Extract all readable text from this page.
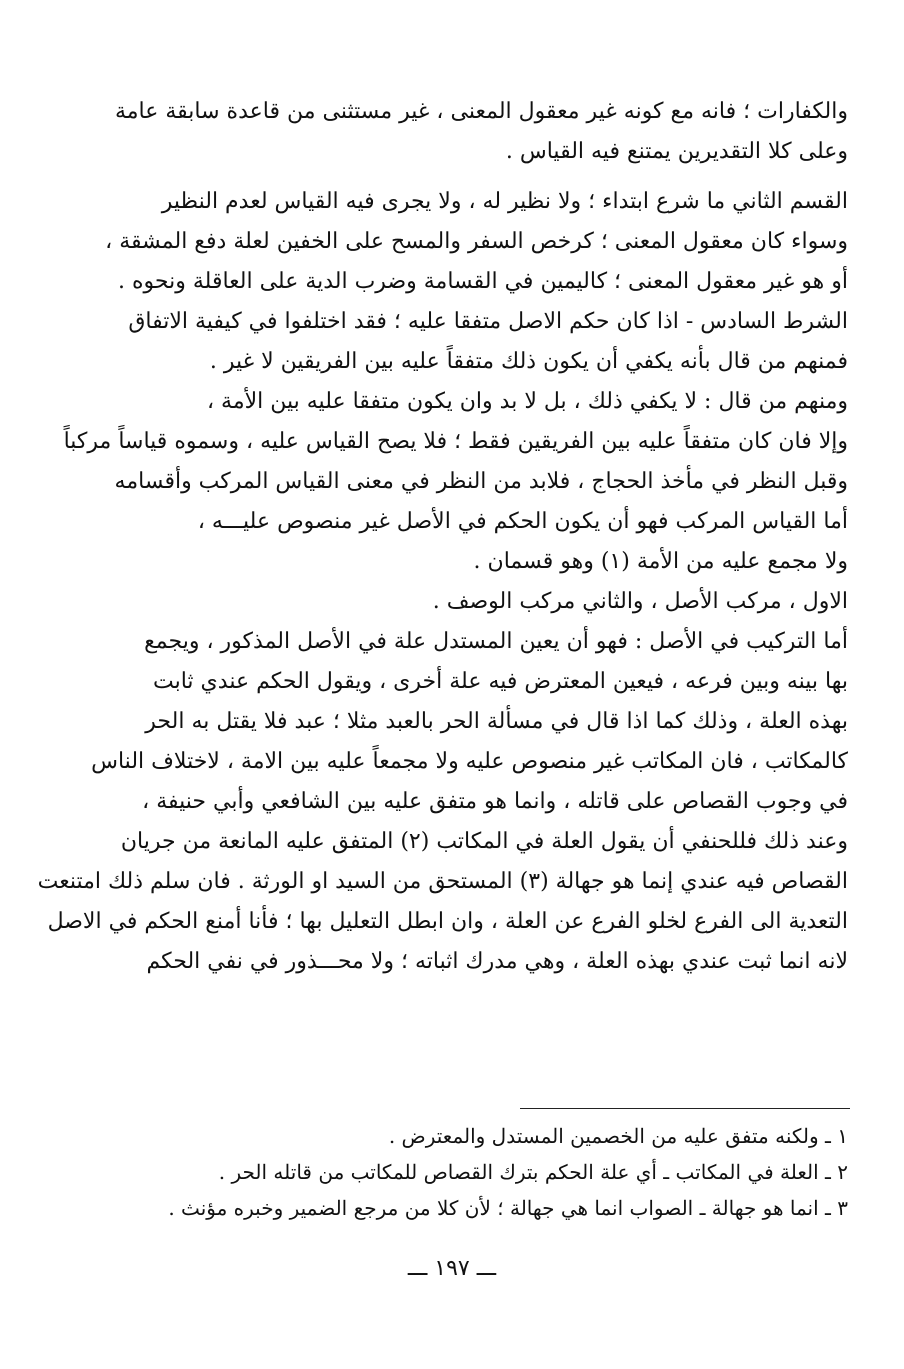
والكفارات ؛ فانه مع كونه غير معقول المعنى ، غير مستثنى من قاعدة سابقة عامة
وعلى كلا التقديرين يمتنع فيه القياس .
القسم الثاني ما شرع ابتداء ؛ ولا نظير له ، ولا يجرى فيه القياس لعدم النظير
وسواء كان معقول المعنى ؛ كرخص السفر والمسح على الخفين لعلة دفع المشقة ،
أو هو غير معقول المعنى ؛ كاليمين في القسامة وضرب الدية على العاقلة ونحوه .
الشرط السادس - اذا كان حكم الاصل متفقا عليه ؛ فقد اختلفوا في كيفية الاتفاق
فمنهم من قال بأنه يكفي أن يكون ذلك متفقاً عليه بين الفريقين لا غير .
ومنهم من قال : لا يكفي ذلك ، بل لا بد وان يكون متفقا عليه بين الأمة ،
وإلا فان كان متفقاً عليه بين الفريقين فقط ؛ فلا يصح القياس عليه ، وسموه قياساً مركباً
وقبل النظر في مأخذ الحجاج ، فلابد من النظر في معنى القياس المركب وأقسامه
أما القياس المركب فهو أن يكون الحكم في الأصل غير منصوص عليـــه ،
ولا مجمع عليه من الأمة (١) وهو قسمان .
الاول ، مركب الأصل ، والثاني مركب الوصف .
أما التركيب في الأصل : فهو أن يعين المستدل علة في الأصل المذكور ، ويجمع
بها بينه وبين فرعه ، فيعين المعترض فيه علة أخرى ، ويقول الحكم عندي ثابت
بهذه العلة ، وذلك كما اذا قال في مسألة الحر بالعبد مثلا ؛ عبد فلا يقتل به الحر
كالمكاتب ، فان المكاتب غير منصوص عليه ولا مجمعاً عليه بين الامة ، لاختلاف الناس
في وجوب القصاص على قاتله ، وانما هو متفق عليه بين الشافعي وأبي حنيفة ،
وعند ذلك فللحنفي أن يقول العلة في المكاتب (٢) المتفق عليه المانعة من جريان
القصاص فيه عندي إنما هو جهالة (٣) المستحق من السيد او الورثة . فان سلم ذلك امتنعت
التعدية الى الفرع لخلو الفرع عن العلة ، وان ابطل التعليل بها ؛ فأنا أمنع الحكم في الاصل
لانه انما ثبت عندي بهذه العلة ، وهي مدرك اثباته ؛ ولا محـــذور في نفي الحكم
١ ـ ولكنه متفق عليه من الخصمين المستدل والمعترض .
٢ ـ العلة في المكاتب ـ أي علة الحكم بترك القصاص للمكاتب من قاتله الحر .
٣ ـ انما هو جهالة ـ الصواب انما هي جهالة ؛ لأن كلا من مرجع الضمير وخبره مؤنث .
ـــ ١٩٧ ـــ
